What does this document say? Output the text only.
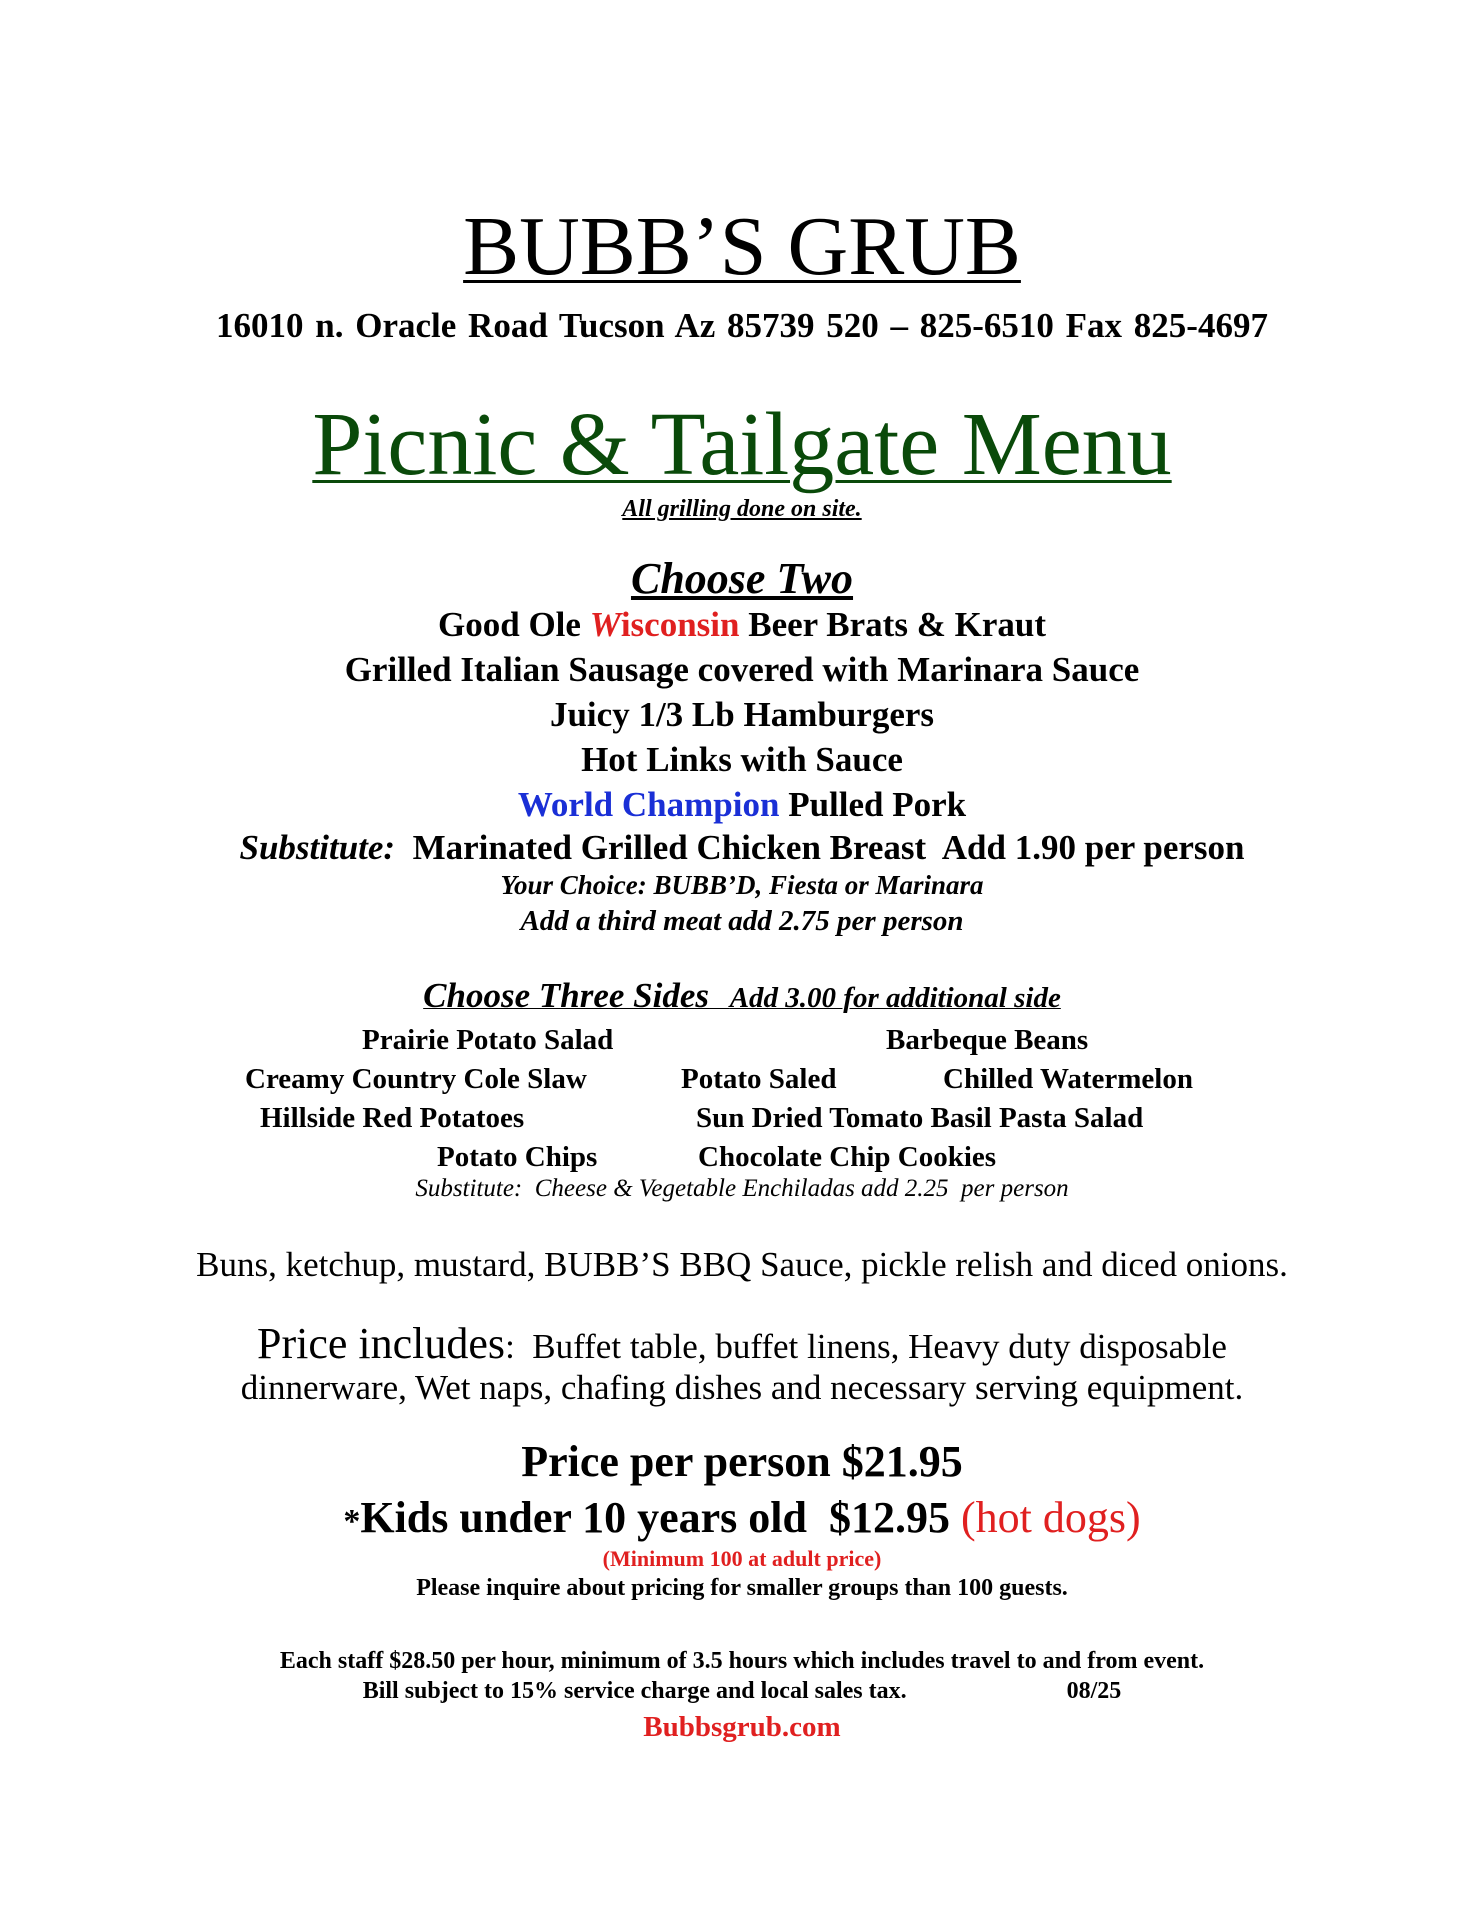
BUBB’S GRUB
16010 n. Oracle Road Tucson Az 85739 520 – 825-6510 Fax 825-4697
Picnic & Tailgate Menu
All grilling done on site.
Choose Two
Good Ole Wisconsin Beer Brats & Kraut
Grilled Italian Sausage covered with Marinara Sauce
Juicy 1/3 Lb Hamburgers
Hot Links with Sauce
World Champion Pulled Pork
Substitute:  Marinated Grilled Chicken Breast  Add 1.90 per person
Your Choice: BUBB’D, Fiesta or Marinara
Add a third meat add 2.75 per person
Choose Three Sides Add 3.00 for additional side
Prairie Potato Salad	Barbeque Beans
Creamy Country Cole Slaw	Potato Saled	Chilled Watermelon
Hillside Red Potatoes	Sun Dried Tomato Basil Pasta Salad
Potato Chips	Chocolate Chip Cookies
Substitute:  Cheese & Vegetable Enchiladas add 2.25  per person
Buns, ketchup, mustard, BUBB’S BBQ Sauce, pickle relish and diced onions.
Price includes:  Buffet table, buffet linens, Heavy duty disposable
dinnerware, Wet naps, chafing dishes and necessary serving equipment.
Price per person $21.95
*Kids under 10 years old  $12.95 (hot dogs)
(Minimum 100 at adult price)
Please inquire about pricing for smaller groups than 100 guests.
Each staff $28.50 per hour, minimum of 3.5 hours which includes travel to and from event.
Bill subject to 15% service charge and local sales tax.	08/25
Bubbsgrub.com
